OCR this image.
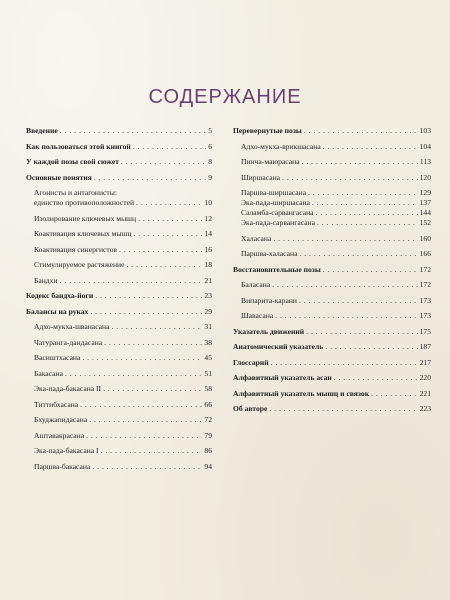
СОДЕРЖАНИЕ
Введение . . .	5
Как пользоваться этой книгой . . .	6
У каждой позы свой сюжет . . .	8
Основные понятия . . .	9
Агонисты и антагонисты:
единство противоположностей . . .	10
Изолирование ключевых мышц . . .	12
Коактивация ключевых мышц . . .	14
Коактивация синергистов . . .	16
Стимулируемое растяжение . . .	18
Бандхи . . .	21
Кодекс бандха-йоги . . .	23
Балансы на руках . . .	29
Адхо-мукха-шванасана . . .	31
Чатуранга-дандасана . . .	38
Васиштхасана . . .	45
Бакасана . . .	51
Эка-пада-бакасана II . . .	58
Титтибхасана . . .	66
Бхуджапидасана . . .	72
Аштавакрасана . . .	79
Эка-пада-бакасана I . . .	86
Паршва-бакасана . . .	94
Перевернутые позы . . .	103
Адхо-мукха-врикшасана . . .	104
Пинча-маюрасана . . .	113
Ширшасана . . .	120
Паршва-ширшасана . . .	129
Эка-пада-ширшасана . . .	137
Саламба-сарвангасана . . .	144
Эка-пада-сарвангасана . . .	152
Халасана . . .	160
Паршва-халасана . . .	166
Восстановительные позы . . .	172
Баласана . . .	172
Випарита-карани . . .	173
Шавасана . . .	173
Указатель движений . . .	175
Анатомический указатель . . .	187
Глоссарий . . .	217
Алфавитный указатель асан . . .	220
Алфавитный указатель мышц и связок . . .	221
Об авторе . . .	223
